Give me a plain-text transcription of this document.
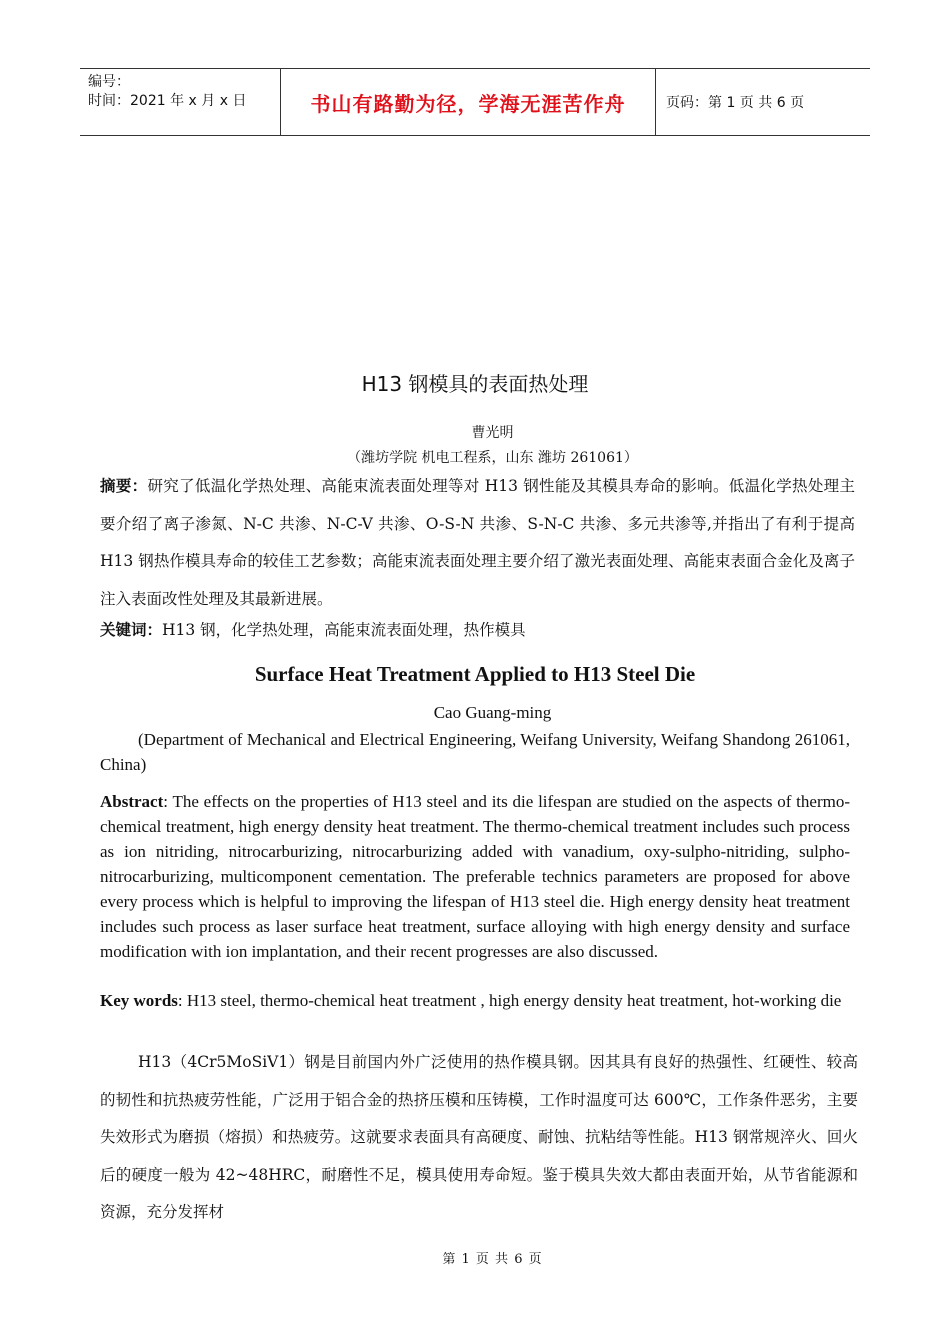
编号：
时间：2021 年 x 月 x 日	书山有路勤为径，学海无涯苦作舟	页码：第 1 页 共 6 页
H13 钢模具的表面热处理
曹光明
（潍坊学院 机电工程系，山东 潍坊 261061）

摘要：研究了低温化学热处理、高能束流表面处理等对 H13 钢性能及其模具寿命的影响。低温化学热处理主要介绍了离子渗氮、N-C 共渗、N-C-V 共渗、O-S-N 共渗、S-N-C 共渗、多元共渗等,并指出了有利于提高 H13 钢热作模具寿命的较佳工艺参数；高能束流表面处理主要介绍了激光表面处理、高能束表面合金化及离子注入表面改性处理及其最新进展。

关键词：H13 钢，化学热处理，高能束流表面处理，热作模具

Surface Heat Treatment Applied to H13 Steel Die
Cao Guang-ming

(Department of Mechanical and Electrical Engineering, Weifang University, Weifang Shandong 261061, China)

Abstract: The effects on the properties of H13 steel and its die lifespan are studied on the aspects of thermo-chemical treatment, high energy density heat treatment. The thermo-chemical treatment includes such process as ion nitriding, nitrocarburizing, nitrocarburizing added with vanadium, oxy-sulpho-nitriding, sulpho-nitrocarburizing, multicomponent cementation. The preferable technics parameters are proposed for above every process which is helpful to improving the lifespan of H13 steel die. High energy density heat treatment includes such process as laser surface heat treatment, surface alloying with high energy density and surface modification with ion implantation, and their recent progresses are also discussed.

Key words: H13 steel, thermo-chemical heat treatment , high energy density heat treatment, hot-working die

H13（4Cr5MoSiV1）钢是目前国内外广泛使用的热作模具钢。因其具有良好的热强性、红硬性、较高的韧性和抗热疲劳性能，广泛用于铝合金的热挤压模和压铸模，工作时温度可达 600℃，工作条件恶劣，主要失效形式为磨损（熔损）和热疲劳。这就要求表面具有高硬度、耐蚀、抗粘结等性能。H13 钢常规淬火、回火后的硬度一般为 42~48HRC，耐磨性不足，模具使用寿命短。鉴于模具失效大都由表面开始，从节省能源和资源，充分发挥材

第 1 页 共 6 页
